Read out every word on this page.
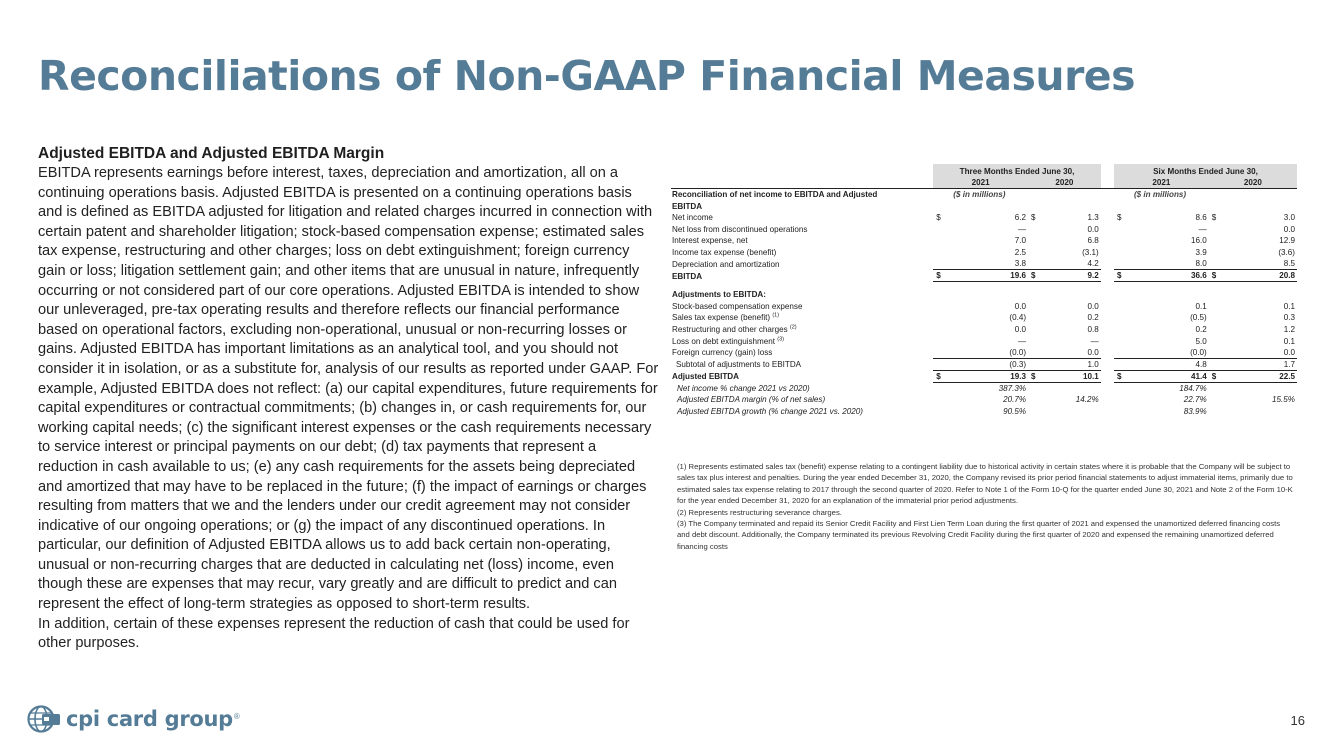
Reconciliations of Non-GAAP Financial Measures
Adjusted EBITDA and Adjusted EBITDA Margin

EBITDA represents earnings before interest, taxes, depreciation and amortization, all on a continuing operations basis. Adjusted EBITDA is presented on a continuing operations basis and is defined as EBITDA adjusted for litigation and related charges incurred in connection with certain patent and shareholder litigation; stock-based compensation expense; estimated sales tax expense, restructuring and other charges; loss on debt extinguishment; foreign currency gain or loss; litigation settlement gain; and other items that are unusual in nature, infrequently occurring or not considered part of our core operations. Adjusted EBITDA is intended to show our unleveraged, pre-tax operating results and therefore reflects our financial performance based on operational factors, excluding non-operational, unusual or non-recurring losses or gains. Adjusted EBITDA has important limitations as an analytical tool, and you should not consider it in isolation, or as a substitute for, analysis of our results as reported under GAAP. For example, Adjusted EBITDA does not reflect: (a) our capital expenditures, future requirements for capital expenditures or contractual commitments; (b) changes in, or cash requirements for, our working capital needs; (c) the significant interest expenses or the cash requirements necessary to service interest or principal payments on our debt; (d) tax payments that represent a reduction in cash available to us; (e) any cash requirements for the assets being depreciated and amortized that may have to be replaced in the future; (f) the impact of earnings or charges resulting from matters that we and the lenders under our credit agreement may not consider indicative of our ongoing operations; or (g) the impact of any discontinued operations. In particular, our definition of Adjusted EBITDA allows us to add back certain non-operating, unusual or non-recurring charges that are deducted in calculating net (loss) income, even though these are expenses that may recur, vary greatly and are difficult to predict and can represent the effect of long-term strategies as opposed to short-term results.

In addition, certain of these expenses represent the reduction of cash that could be used for other purposes.

	Three Months Ended June 30,					Six Months Ended June 30,			
	2021		2020			2021		2020	
Reconciliation of net income to EBITDA and Adjusted	($ in millions)					($ in millions)			
EBITDA									
Net income	$	6.2	$	1.3		$	8.6	$	3.0
Net loss from discontinued operations		—		0.0			—		0.0
Interest expense, net		7.0		6.8			16.0		12.9
Income tax expense (benefit)		2.5		(3.1)			3.9		(3.6)
Depreciation and amortization		3.8		4.2			8.0		8.5
EBITDA	$	19.6	$	9.2		$	36.6	$	20.8

Adjustments to EBITDA:									
Stock-based compensation expense		0.0		0.0			0.1		0.1
Sales tax expense (benefit) $^{(1)}$		(0.4)		0.2			(0.5)		0.3
Restructuring and other charges $^{(2)}$		0.0		0.8			0.2		1.2
Loss on debt extinguishment $^{(3)}$		—		—			5.0		0.1
Foreign currency (gain) loss		(0.0)		0.0			(0.0)		0.0
Subtotal of adjustments to EBITDA		(0.3)		1.0			4.8		1.7
Adjusted EBITDA	$	19.3	$	10.1		$	41.4	$	22.5
Net income % change 2021 vs 2020)		387.3%					184.7%		
Adjusted EBITDA margin (% of net sales)		20.7%		14.2%			22.7%		15.5%
Adjusted EBITDA growth (% change 2021 vs. 2020)		90.5%					83.9%		
(1) Represents estimated sales tax (benefit) expense relating to a contingent liability due to historical activity in certain states where it is probable that the Company will be subject to sales tax plus interest and penalties. During the year ended December 31, 2020, the Company revised its prior period financial statements to adjust immaterial items, primarily due to estimated sales tax expense relating to 2017 through the second quarter of 2020. Refer to Note 1 of the Form 10-Q for the quarter ended June 30, 2021 and Note 2 of the Form 10-K for the year ended December 31, 2020 for an explanation of the immaterial prior period adjustments.
(2) Represents restructuring severance charges.
(3) The Company terminated and repaid its Senior Credit Facility and First Lien Term Loan during the first quarter of 2021 and expensed the unamortized deferred financing costs and debt discount. Additionally, the Company terminated its previous Revolving Credit Facility during the first quarter of 2020 and expensed the remaining unamortized deferred financing costs
cpi card group ®	16
